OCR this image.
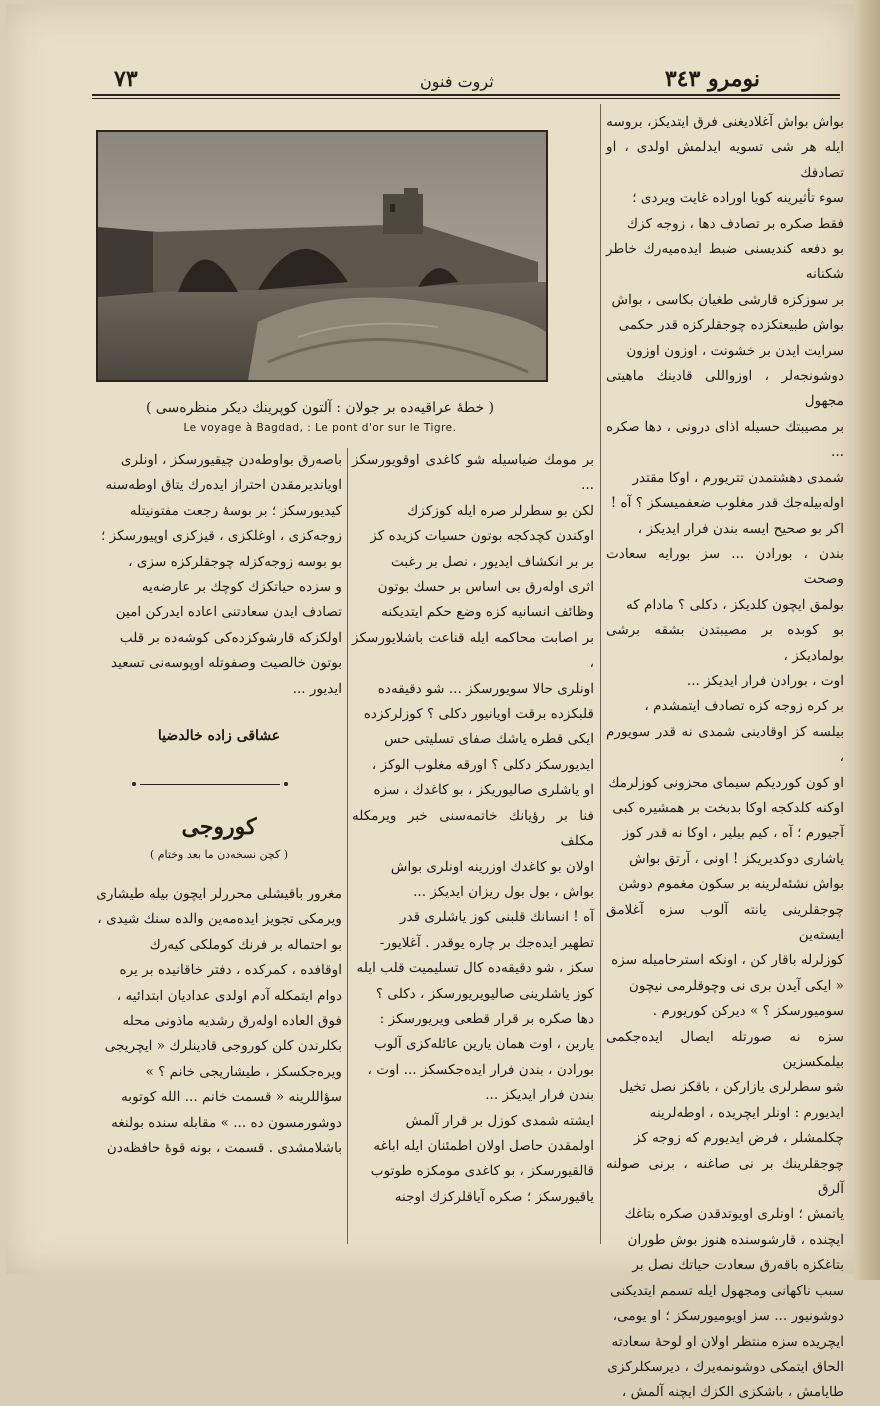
نومرو ٣٤٣
ثروت فنون
٧٣
( خطۀ عراقیه‌ده بر جولان : آلتون کوپرینك دیكر منظره‌سی )
Le voyage à Bagdad, : Le pont d'or sur le Tigre.

بواش بواش آغلادیغنی فرق ایتدیکز، بروسه

ایله هر شی تسویه ایدلمش اولدی ، او تصادفك

سوء تأثیرینه کویا اوراده غایت ویردی ؛

فقط صکره بر تصادف دها ، زوجه کزك

بو دفعه کندیسنی ضبط ایده‌میه‌رك خاطر شکنانه

بر سوزکزه قارشی طغیان بکاسی ، بواش

بواش طبیعتکزده چوجقلرکزه قدر حکمی

سرایت ایدن بر خشونت ، اوزون اوزون

دوشونجه‌لر ، اوزواللی قادینك ماهیتی مجهول

بر مصیبتك حسیله اذای درونی ، دها صکره ...

شمدی دهشتمدن تتریورم ، اوکا مقتدر

اوله‌بیله‌جك قدر مغلوب ضعفمیسکز ؟ آه !

اکر بو صحیح ایسه بندن فرار ایدیکز ،

بندن ، بورادن ... سز بورایه سعادت وصحت

بولمق ایچون کلدیکز ، دکلی ؟ مادام که

بو کوبده بر مصیبتدن بشقه برشی بولمادیکز ،

اوت ، بورادن فرار ایدیکز ...

بر کره زوجه کزه تصادف ایتمشدم ،

بیلسه کز اوقادینی شمدی نه قدر سویورم ،

او کون کوردیکم سیمای محزونی کوزلرمك

اوکنه کلدکجه اوکا بدبخت بر همشیره کبی

آجیورم ؛ آه ، کیم بیلیر ، اوکا نه قدر کوز

یاشاری دوکدیریکز ! اونی ، آرتق بواش

بواش نشئه‌لرینه بر سکون مغموم دوشن

چوجقلرینی یانته آلوب سزه آغلامق ایسته‌ین

کوزلرله باقار کن ، اونکه استرحامیله سزه

« ایکی آیدن بری نی وچوقلرمی نیچون

سومیورسکز ؟ » دیرکن کوریورم .

سزه نه صورتله ایصال ایده‌جکمی بیلمکسزین

شو سطرلری یازارکن ، باقکز نصل تخیل

ایدیورم : اونلر ایچریده ، اوطه‌لرینه

چکلمشلر ، فرض ایدیورم که زوجه کز

چوجقلرینك بر نی صاغنه ، برنی صولنه آلرق

یاتمش ؛ اونلری اویوتدقدن صکره بتاغك

ایچنده ، قارشوسنده هنوز بوش طوران

بتاغکزه باقه‌رق سعادت حیاتك نصل بر

سبب ناکهانی ومجهول ایله تسمم ایتدیکنی

دوشونیور ... سز اویومیورسکز ؛ او یومی،

ایچریده سزه منتظر اولان او لوحۀ سعادته

الحاق ایتمکی دوشونمه‌یرك ، دیرسکلرکزی

طایامش ، باشکزی الکزك ایچنه آلمش ،

بر مومك ضیاسیله شو کاغدی اوقویورسکز ...

لکن بو سطرلر صره ایله کوزکزك

اوکندن کچدکجه بوتون حسیات کزیده کز

بر بر انکشاف ایدیور ، نصل بر رغبت

اثری اوله‌رق بی اساس بر حسك بوتون

وظائف انسانیه کزه وضع حکم ایتدیکنه

بر اصابت محاکمه ایله قناعت باشلایورسکز ،

اونلری حالا سویورسکز ... شو دقیقه‌ده

قلبکزده برقت اویانیور دکلی ؟ کوزلرکزده

ایکی قطره یاشك صفای تسلیتی حس

ایدیورسکز دکلی ؟ اورقه مغلوب الوکز ،

او یاشلری صالیوریکز ، بو کاغدك ، سزه

فنا بر رؤیانك خاتمه‌سنی خبر ویرمکله مکلف

اولان بو کاغدك اوزرینه اونلری بواش

بواش ، بول بول ریزان ایدیکز ...

آه ! انسانك قلبنی کوز یاشلری قدر

تطهیر ایده‌جك بر چاره یوقدر . آغلایور-

سکز ، شو دقیقه‌ده کال تسلیمیت قلب ایله

کوز یاشلرینی صالیویریورسکز ، دکلی ؟

دها صکره بر قرار قطعی ویریورسکز :

یارین ، اوت همان یارین عائله‌کزی آلوب

بورادن ، بندن فرار ایده‌جکسکز ... اوت ،

بندن فرار ایدیکز ...

ایشته شمدی کوزل بر قرار آلمش

اولمقدن حاصل اولان اطمئنان ایله اباغه

قالقیورسکز ، بو کاغدی مومکزه طوتوب

یاقیورسکز ؛ صکره آیاقلرکزك اوجنه

باصه‌رق بواوطه‌دن چیقیورسکز ، اونلری

اویاندیرمقدن احتراز ایده‌رك یتاق اوطه‌سنه

کیدیورسکز ؛ بر بوسۀ رجعت مفتونیتله

زوجه‌کزی ، اوغلکزی ، قیزکزی اوپیورسکز ؛

بو بوسه زوجه‌کزله چوجقلرکزه سزی ،

و سزده حیاتکزك کوچك بر عارضه‌یه

تصادف ایدن سعادتنی اعاده ایدرکن امین

اولکزکه قارشوکزده‌کی کوشه‌ده بر قلب

بوتون خالصیت وصفوتله اوپوسه‌نی تسعید

ایدیور ...

عشاقی زاده خالدضیا
کوروجی
( کچن نسخه‌دن ما بعد وختام )

مغرور باقیشلی محررلر ایچون بیله طیشاری

ویرمکی تجویز ایده‌مه‌ین والده سنك شیدی ،

بو احتماله بر فرنك کوملکی کیه‌رك

اوقافده ، کمرکده ، دفتر خاقانیده بر یره

دوام ایتمکله آدم اولدی عدادیان ابتدائیه ،

فوق العاده اوله‌رق رشدیه ماذونی محله

بکلرندن کلن کوروجی قادینلرك « ایچریجی

ویره‌جکسکز ، طیشاریجی خانم ؟ »

سؤاللرینه « قسمت خانم ... الله کوتوبه

دوشورمسون ده ... » مقابله سنده بولنغه

باشلامشدی . قسمت ، بونه قوۀ حافظه‌دن
